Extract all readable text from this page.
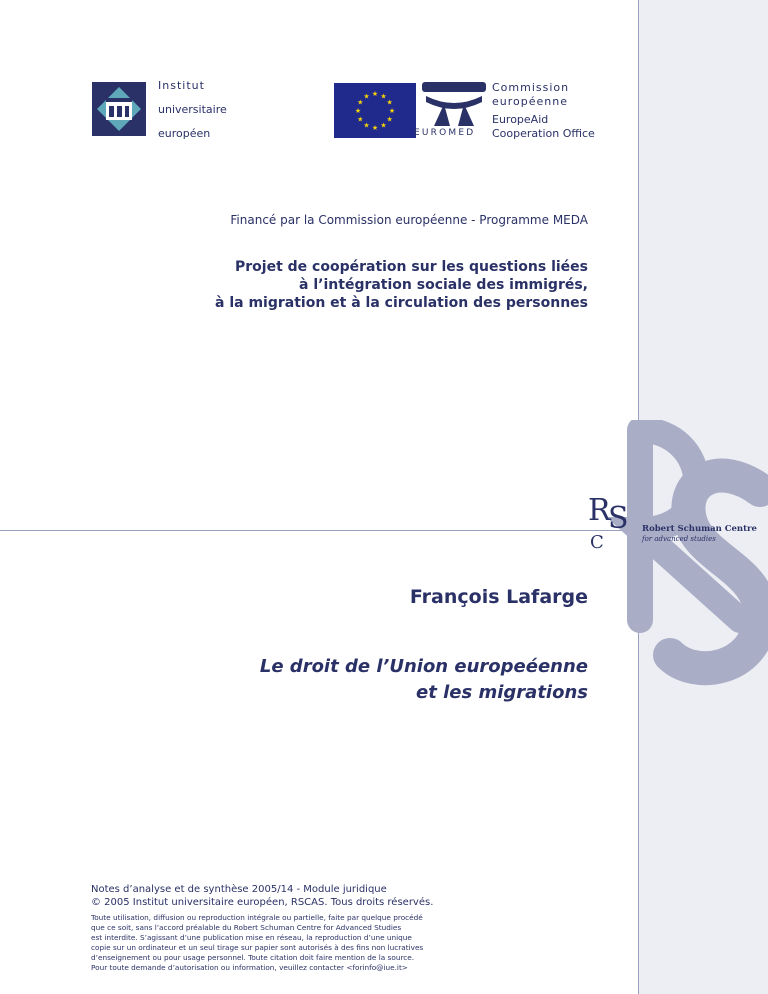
Institut
universitaire
européen
★ ★
★
★
★
★
★
★
★
★
★
★
EUROMED
Commission
européenne
EuropeAid
Cooperation Office
Financé par la Commission européenne - Programme MEDA
Projet de coopération sur les questions liées
à l’intégration sociale des immigrés,
à la migration et à la circulation des personnes
R
S
C
Robert Schuman Centre
for advanced studies
François Lafarge
Le droit de l’Union europeéenne
et les migrations
Notes d’analyse et de synthèse 2005/14 - Module juridique
© 2005 Institut universitaire européen, RSCAS. Tous droits réservés.
Toute utilisation, diffusion ou reproduction intégrale ou partielle, faite par quelque procédé
que ce soit, sans l’accord préalable du Robert Schuman Centre for Advanced Studies
est interdite. S’agissant d’une publication mise en réseau, la reproduction d’une unique
copie sur un ordinateur et un seul tirage sur papier sont autorisés à des fins non lucratives
d’enseignement ou pour usage personnel. Toute citation doit faire mention de la source.
Pour toute demande d’autorisation ou information, veuillez contacter <forinfo@iue.it>
